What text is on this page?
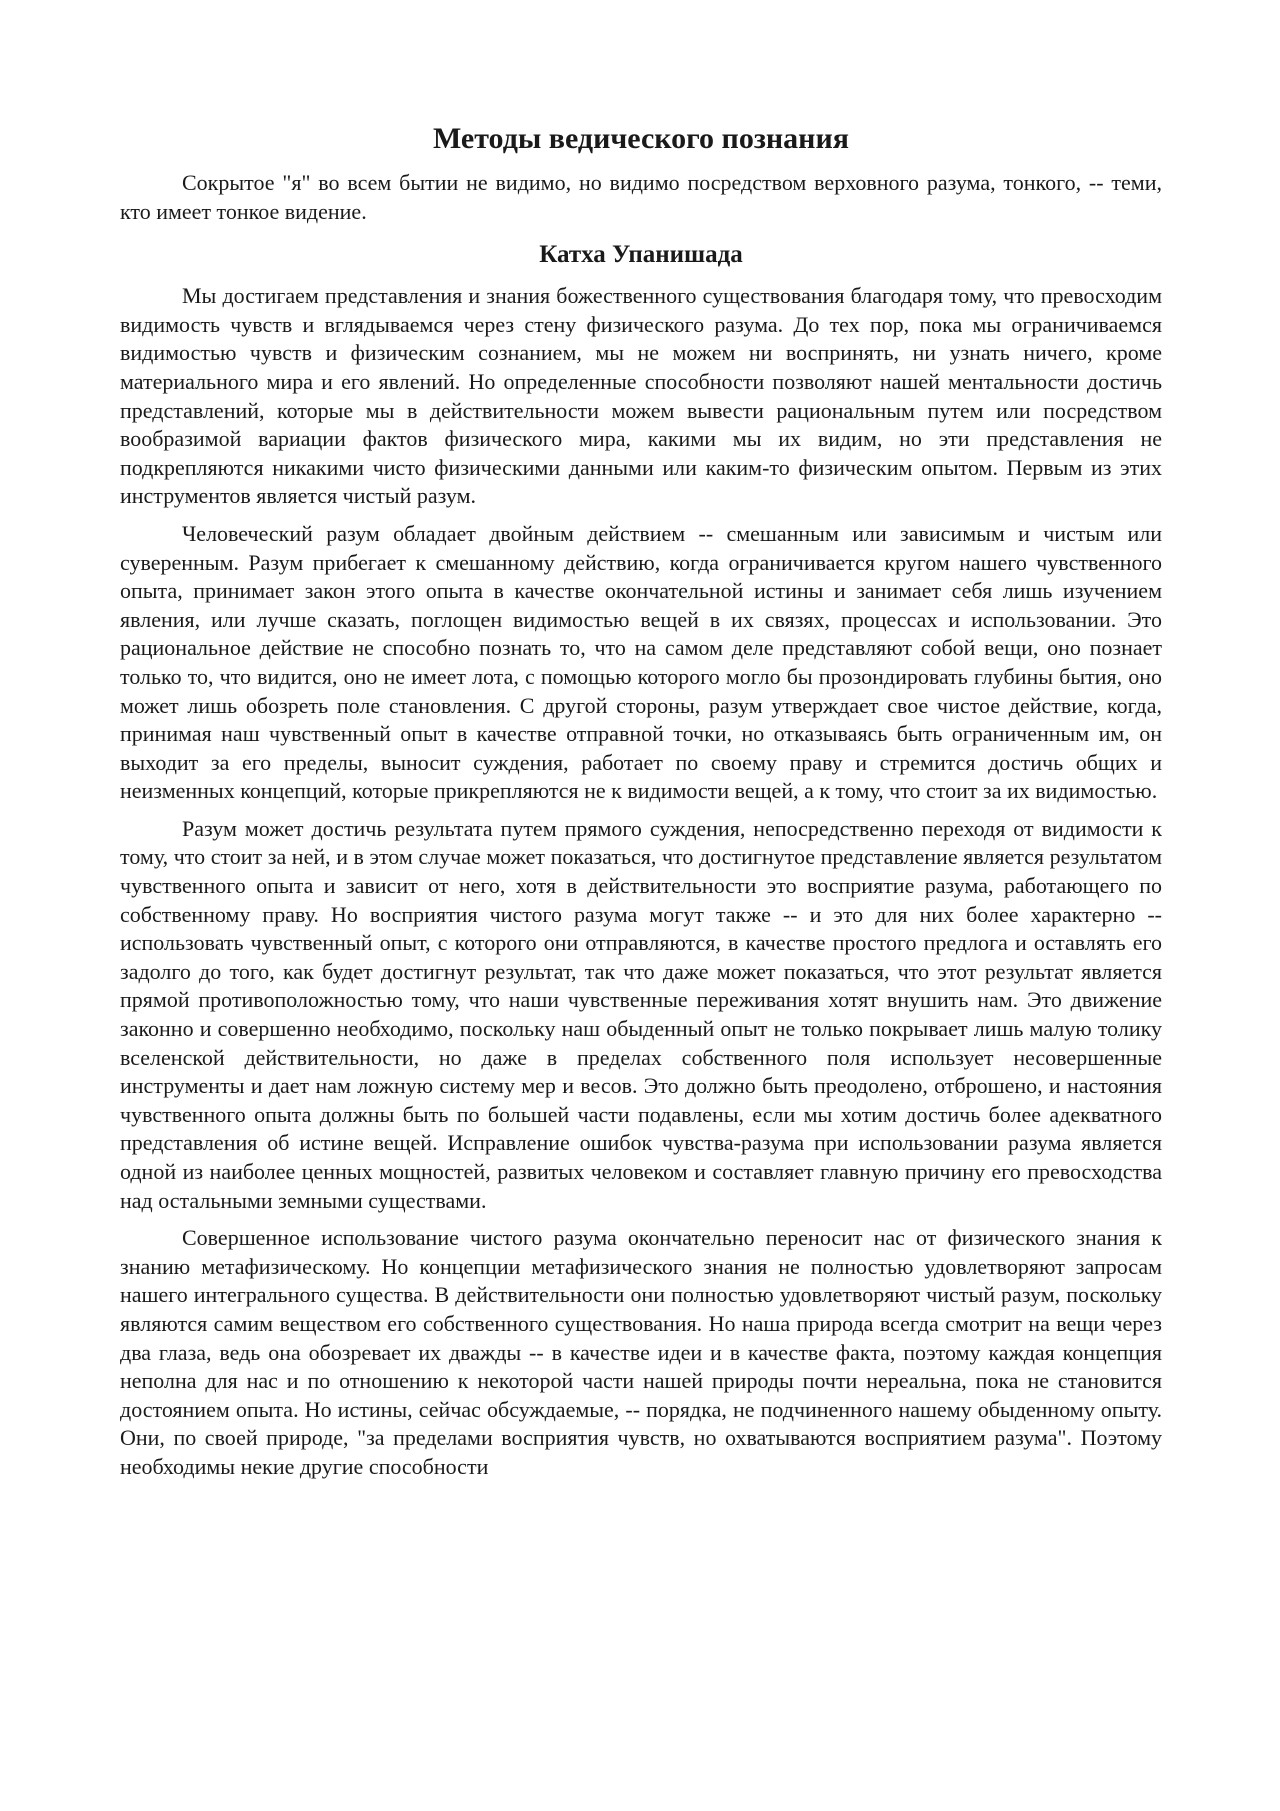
Методы ведического познания

Сокрытое "я" во всем бытии не видимо, но видимо посредством верховного разума, тонкого, -- теми, кто имеет тонкое видение.

Катха Упанишада

Мы достигаем представления и знания божественного существования благодаря тому, что превосходим видимость чувств и вглядываемся через стену физического разума. До тех пор, пока мы ограничиваемся видимостью чувств и физическим сознанием, мы не можем ни воспринять, ни узнать ничего, кроме материального мира и его явлений. Но определенные способности позволяют нашей ментальности достичь представлений, которые мы в действительности можем вывести рациональным путем или посредством вообразимой вариации фактов физического мира, какими мы их видим, но эти представления не подкрепляются никакими чисто физическими данными или каким-то физическим опытом. Первым из этих инструментов является чистый разум.

Человеческий разум обладает двойным действием -- смешанным или зависимым и чистым или суверенным. Разум прибегает к смешанному действию, когда ограничивается кругом нашего чувственного опыта, принимает закон этого опыта в качестве окончательной истины и занимает себя лишь изучением явления, или лучше сказать, поглощен видимостью вещей в их связях, процессах и использовании. Это рациональное действие не способно познать то, что на самом деле представляют собой вещи, оно познает только то, что видится, оно не имеет лота, с помощью которого могло бы прозондировать глубины бытия, оно может лишь обозреть поле становления. С другой стороны, разум утверждает свое чистое действие, когда, принимая наш чувственный опыт в качестве отправной точки, но отказываясь быть ограниченным им, он выходит за его пределы, выносит суждения, работает по своему праву и стремится достичь общих и неизменных концепций, которые прикрепляются не к видимости вещей, а к тому, что стоит за их видимостью.

Разум может достичь результата путем прямого суждения, непосредственно переходя от видимости к тому, что стоит за ней, и в этом случае может показаться, что достигнутое представление является результатом чувственного опыта и зависит от него, хотя в действительности это восприятие разума, работающего по собственному праву. Но восприятия чистого разума могут также -- и это для них более характерно -- использовать чувственный опыт, с которого они отправляются, в качестве простого предлога и оставлять его задолго до того, как будет достигнут результат, так что даже может показаться, что этот результат является прямой противоположностью тому, что наши чувственные переживания хотят внушить нам. Это движение законно и совершенно необходимо, поскольку наш обыденный опыт не только покрывает лишь малую толику вселенской действительности, но даже в пределах собственного поля использует несовершенные инструменты и дает нам ложную систему мер и весов. Это должно быть преодолено, отброшено, и настояния чувственного опыта должны быть по большей части подавлены, если мы хотим достичь более адекватного представления об истине вещей. Исправление ошибок чувства-разума при использовании разума является одной из наиболее ценных мощностей, развитых человеком и составляет главную причину его превосходства над остальными земными существами.

Совершенное использование чистого разума окончательно переносит нас от физического знания к знанию метафизическому. Но концепции метафизического знания не полностью удовлетворяют запросам нашего интегрального существа. В действительности они полностью удовлетворяют чистый разум, поскольку являются самим веществом его собственного существования. Но наша природа всегда смотрит на вещи через два глаза, ведь она обозревает их дважды -- в качестве идеи и в качестве факта, поэтому каждая концепция неполна для нас и по отношению к некоторой части нашей природы почти нереальна, пока не становится достоянием опыта. Но истины, сейчас обсуждаемые, -- порядка, не подчиненного нашему обыденному опыту. Они, по своей природе, "за пределами восприятия чувств, но охватываются восприятием разума". Поэтому необходимы некие другие способности
